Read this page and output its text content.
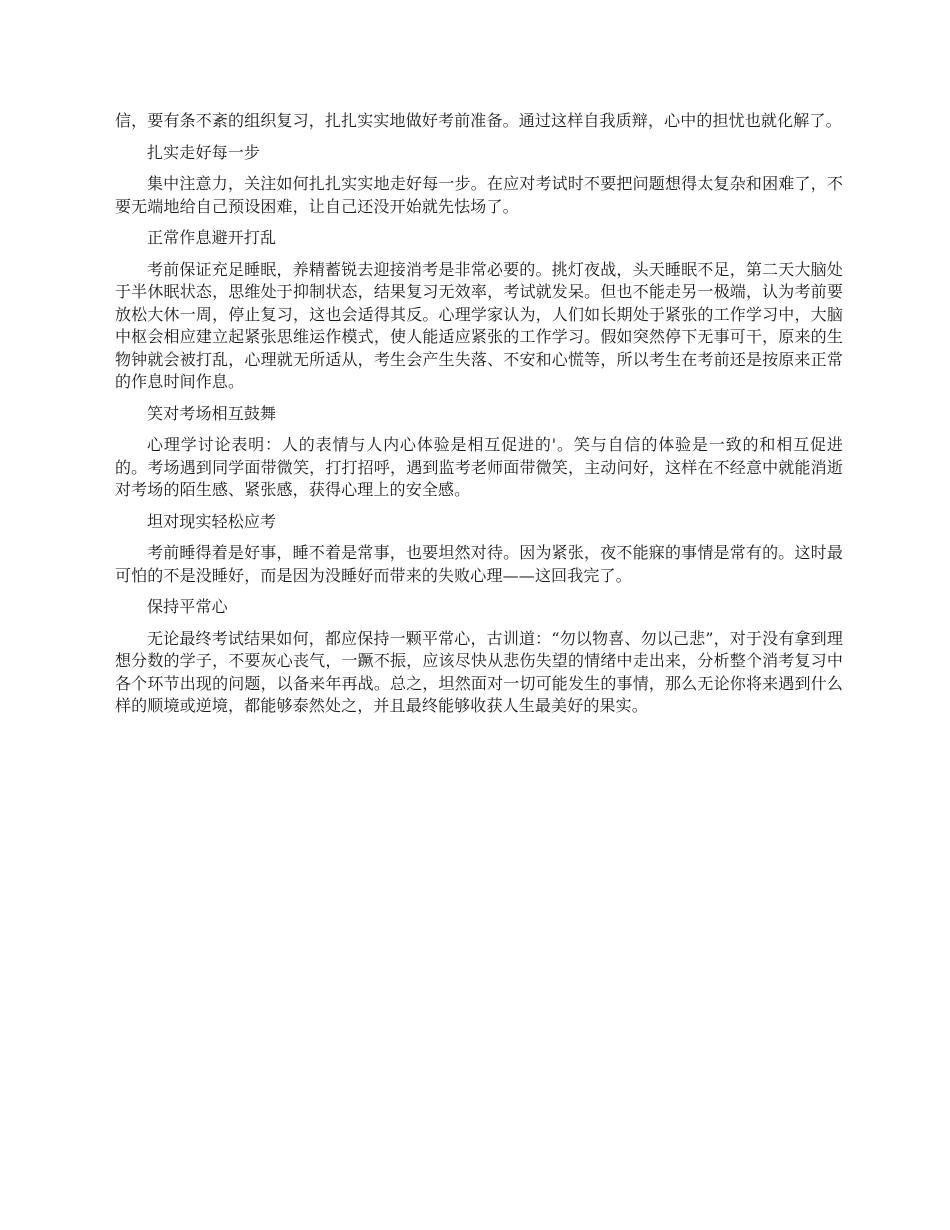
信，要有条不紊的组织复习，扎扎实实地做好考前准备。通过这样自我质辩，心中的担忧也就化解了。

扎实走好每一步

集中注意力，关注如何扎扎实实地走好每一步。在应对考试时不要把问题想得太复杂和困难了，不要无端地给自己预设困难，让自己还没开始就先怯场了。

正常作息避开打乱

考前保证充足睡眠，养精蓄锐去迎接消考是非常必要的。挑灯夜战，头天睡眠不足，第二天大脑处于半休眠状态，思维处于抑制状态，结果复习无效率，考试就发呆。但也不能走另一极端，认为考前要放松大休一周，停止复习，这也会适得其反。心理学家认为，人们如长期处于紧张的工作学习中，大脑中枢会相应建立起紧张思维运作模式，使人能适应紧张的工作学习。假如突然停下无事可干，原来的生物钟就会被打乱，心理就无所适从，考生会产生失落、不安和心慌等，所以考生在考前还是按原来正常的作息时间作息。

笑对考场相互鼓舞

心理学讨论表明：人的表情与人内心体验是相互促进的'。笑与自信的体验是一致的和相互促进的。考场遇到同学面带微笑，打打招呼，遇到监考老师面带微笑，主动问好，这样在不经意中就能消逝对考场的陌生感、紧张感，获得心理上的安全感。

坦对现实轻松应考

考前睡得着是好事，睡不着是常事，也要坦然对待。因为紧张，夜不能寐的事情是常有的。这时最可怕的不是没睡好，而是因为没睡好而带来的失败心理——这回我完了。

保持平常心

无论最终考试结果如何，都应保持一颗平常心，古训道：“勿以物喜、勿以己悲”，对于没有拿到理想分数的学子，不要灰心丧气，一蹶不振，应该尽快从悲伤失望的情绪中走出来，分析整个消考复习中各个环节出现的问题，以备来年再战。总之，坦然面对一切可能发生的事情，那么无论你将来遇到什么样的顺境或逆境，都能够泰然处之，并且最终能够收获人生最美好的果实。
